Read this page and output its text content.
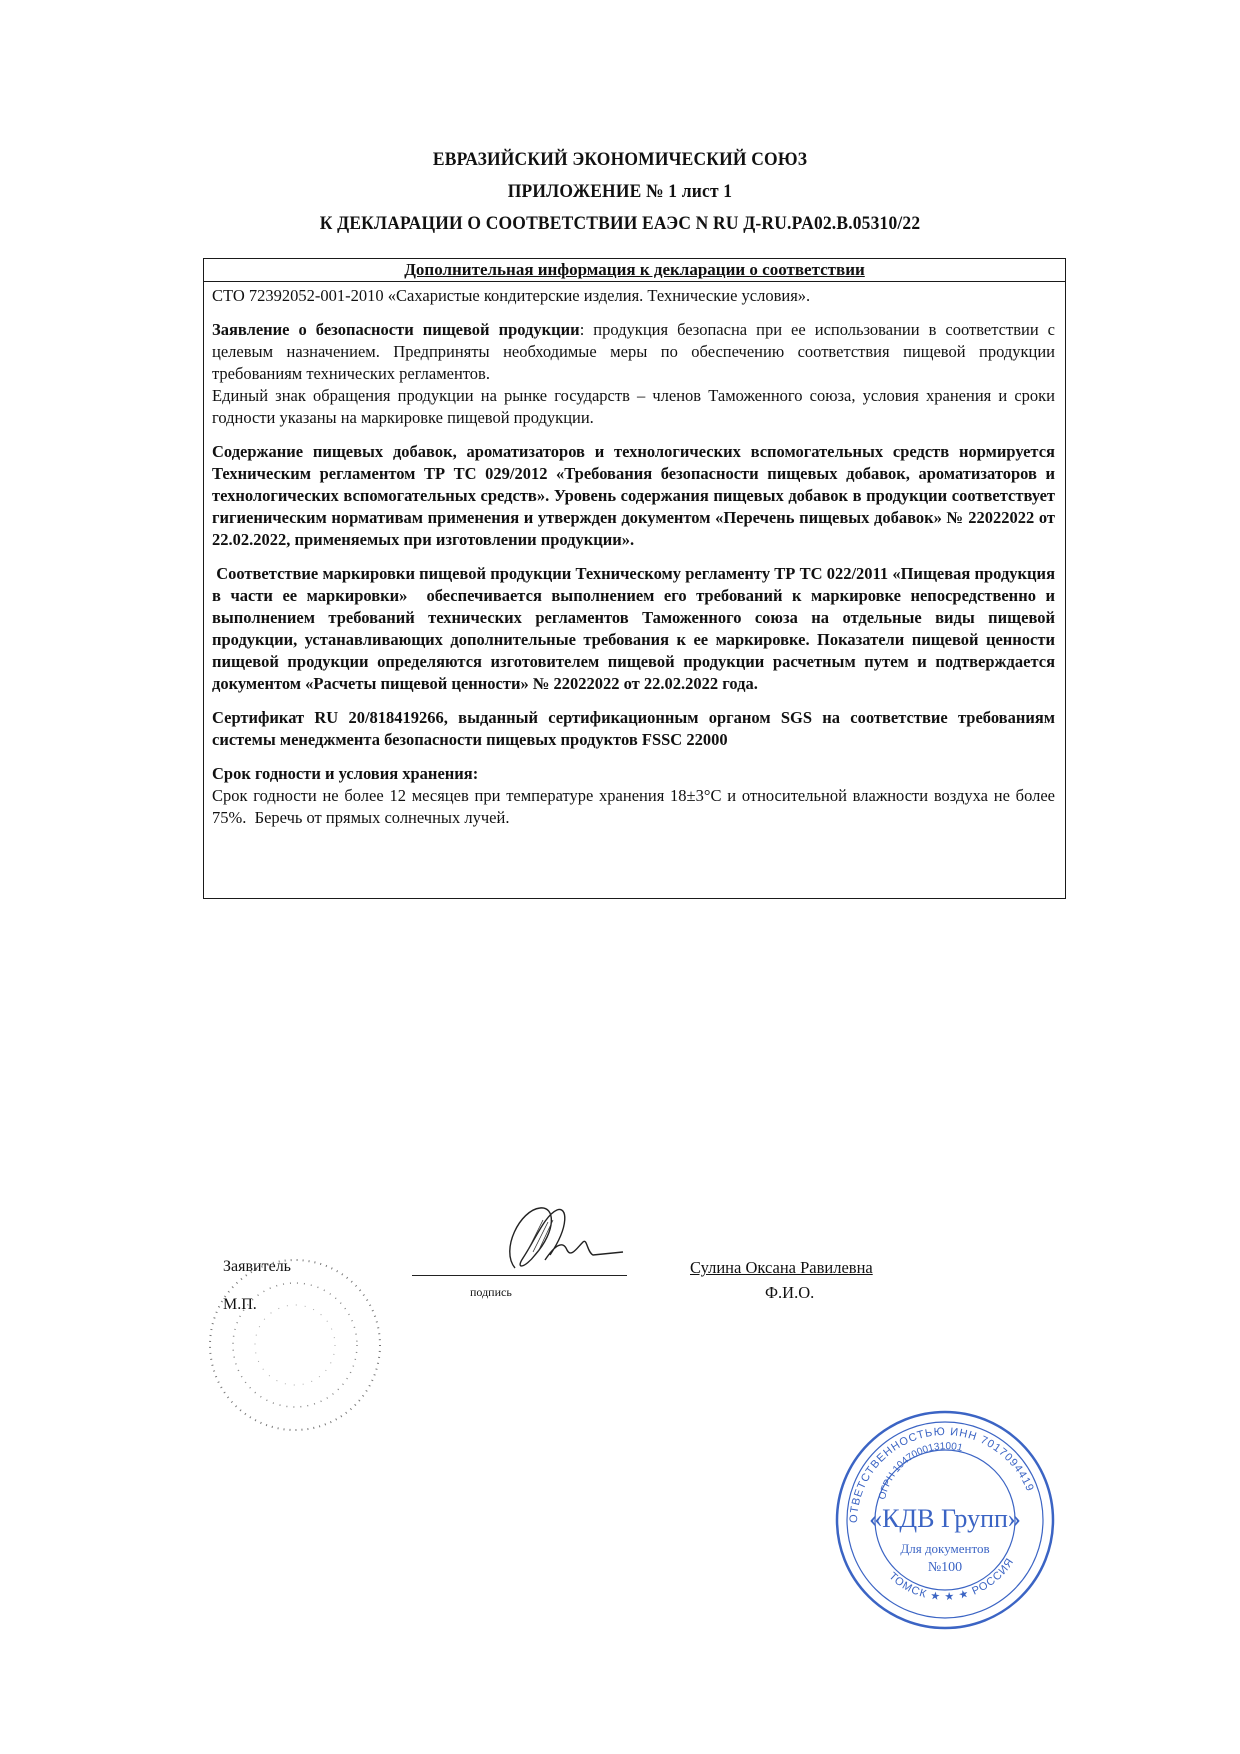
ЕВРАЗИЙСКИЙ ЭКОНОМИЧЕСКИЙ СОЮЗ
ПРИЛОЖЕНИЕ № 1 лист 1
К ДЕКЛАРАЦИИ О СООТВЕТСТВИИ ЕАЭС N RU Д-RU.PA02.B.05310/22
Дополнительная информация к декларации о соответствии

СТО 72392052-001-2010 «Сахаристые кондитерские изделия. Технические условия».

Заявление о безопасности пищевой продукции: продукция безопасна при ее использовании в соответствии с целевым назначением. Предприняты необходимые меры по обеспечению соответствия пищевой продукции требованиям технических регламентов.

Единый знак обращения продукции на рынке государств – членов Таможенного союза, условия хранения и сроки годности указаны на маркировке пищевой продукции.

Содержание пищевых добавок, ароматизаторов и технологических вспомогательных средств нормируется Техническим регламентом ТР ТС 029/2012 «Требования безопасности пищевых добавок, ароматизаторов и технологических вспомогательных средств». Уровень содержания пищевых добавок в продукции соответствует гигиеническим нормативам применения и утвержден документом «Перечень пищевых добавок» № 22022022 от 22.02.2022, применяемых при изготовлении продукции».

Соответствие маркировки пищевой продукции Техническому регламенту ТР ТС 022/2011 «Пищевая продукция в части ее маркировки»  обеспечивается выполнением его требований к маркировке непосредственно и выполнением требований технических регламентов Таможенного союза на отдельные виды пищевой продукции, устанавливающих дополнительные требования к ее маркировке. Показатели пищевой ценности пищевой продукции определяются изготовителем пищевой продукции расчетным путем и подтверждается документом «Расчеты пищевой ценности» № 22022022 от 22.02.2022 года.

Сертификат RU 20/818419266, выданный сертификационным органом SGS на соответствие требованиям системы менеджмента безопасности пищевых продуктов FSSC 22000

Срок годности и условия хранения:

Срок годности не более 12 месяцев при температуре хранения 18±3°С и относительной влажности воздуха не более 75%.  Беречь от прямых солнечных лучей.

Заявитель
М.П.
подпись
Сулина Оксана Равилевна
Ф.И.О.
ОТВЕТСТВЕННОСТЬЮ ИНН 7017094419
ОГРН 1047000131001
ТОМСК ★ ★ ★ РОССИЯ
«КДВ Групп»
Для документов
№100
